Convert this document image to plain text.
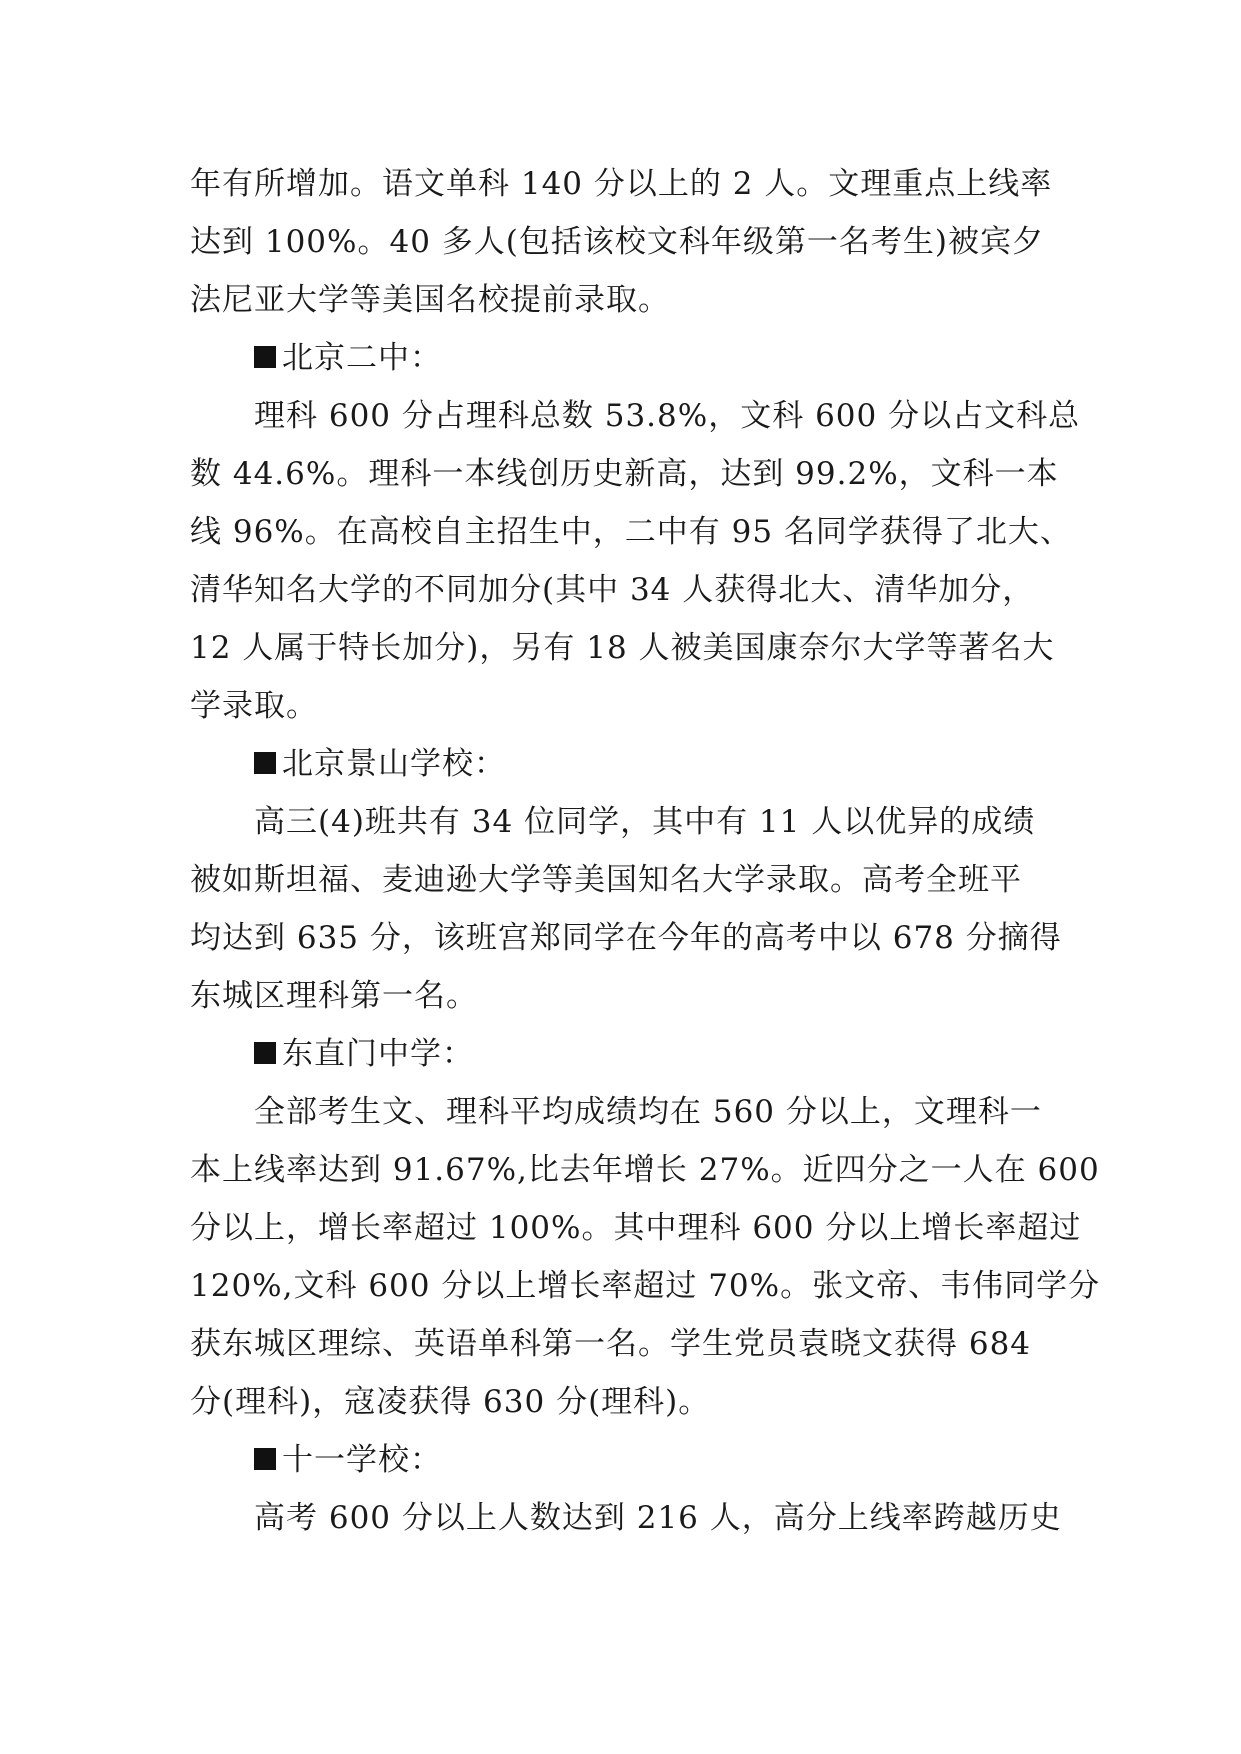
年有所增加。语文单科 140 分以上的 2 人。文理重点上线率
达到 100%。40 多人(包括该校文科年级第一名考生)被宾夕
法尼亚大学等美国名校提前录取。
北京二中：
理科 600 分占理科总数 53.8%，文科 600 分以占文科总
数 44.6%。理科一本线创历史新高，达到 99.2%，文科一本
线 96%。在高校自主招生中，二中有 95 名同学获得了北大、
清华知名大学的不同加分(其中 34 人获得北大、清华加分，
12 人属于特长加分)，另有 18 人被美国康奈尔大学等著名大
学录取。
北京景山学校：
高三(4)班共有 34 位同学，其中有 11 人以优异的成绩
被如斯坦福、麦迪逊大学等美国知名大学录取。高考全班平
均达到 635 分，该班宫郑同学在今年的高考中以 678 分摘得
东城区理科第一名。
东直门中学：
全部考生文、理科平均成绩均在 560 分以上，文理科一
本上线率达到 91.67%,比去年增长 27%。近四分之一人在 600
分以上，增长率超过 100%。其中理科 600 分以上增长率超过
120%,文科 600 分以上增长率超过 70%。张文帝、韦伟同学分
获东城区理综、英语单科第一名。学生党员袁晓文获得 684
分(理科)，寇凌获得 630 分(理科)。
十一学校：
高考 600 分以上人数达到 216 人，高分上线率跨越历史
